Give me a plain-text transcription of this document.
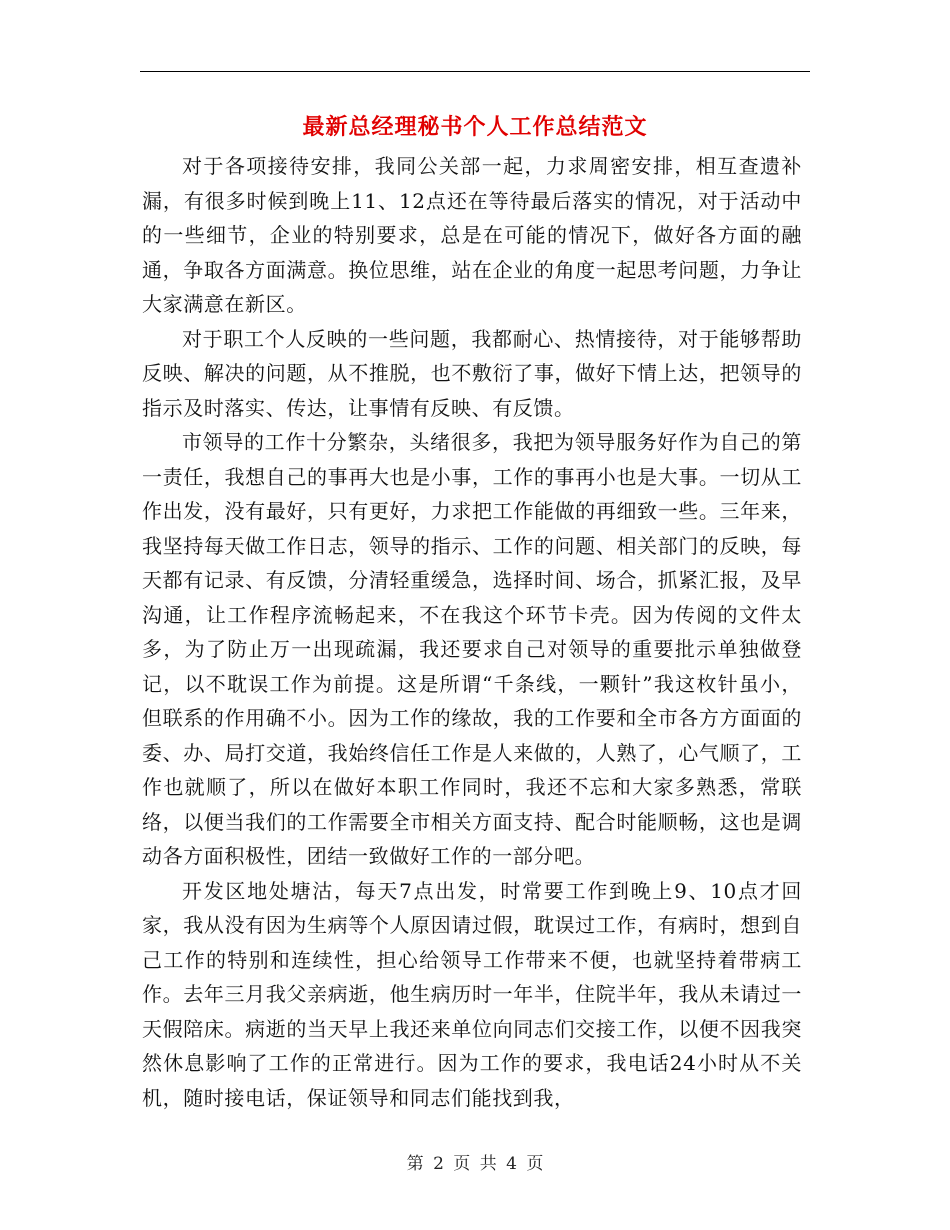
最新总经理秘书个人工作总结范文

对于各项接待安排，我同公关部一起，力求周密安排，相互查遗补漏，有很多时候到晚上11、12点还在等待最后落实的情况，对于活动中的一些细节，企业的特别要求，总是在可能的情况下，做好各方面的融通，争取各方面满意。换位思维，站在企业的角度一起思考问题，力争让大家满意在新区。

对于职工个人反映的一些问题，我都耐心、热情接待，对于能够帮助反映、解决的问题，从不推脱，也不敷衍了事，做好下情上达，把领导的指示及时落实、传达，让事情有反映、有反馈。

市领导的工作十分繁杂，头绪很多，我把为领导服务好作为自己的第一责任，我想自己的事再大也是小事，工作的事再小也是大事。一切从工作出发，没有最好，只有更好，力求把工作能做的再细致一些。三年来，我坚持每天做工作日志，领导的指示、工作的问题、相关部门的反映，每天都有记录、有反馈，分清轻重缓急，选择时间、场合，抓紧汇报，及早沟通，让工作程序流畅起来，不在我这个环节卡壳。因为传阅的文件太多，为了防止万一出现疏漏，我还要求自己对领导的重要批示单独做登记，以不耽误工作为前提。这是所谓“千条线，一颗针”我这枚针虽小，但联系的作用确不小。因为工作的缘故，我的工作要和全市各方方面面的委、办、局打交道，我始终信任工作是人来做的，人熟了，心气顺了，工作也就顺了，所以在做好本职工作同时，我还不忘和大家多熟悉，常联络，以便当我们的工作需要全市相关方面支持、配合时能顺畅，这也是调动各方面积极性，团结一致做好工作的一部分吧。

开发区地处塘沽，每天7点出发，时常要工作到晚上9、10点才回家，我从没有因为生病等个人原因请过假，耽误过工作，有病时，想到自己工作的特别和连续性，担心给领导工作带来不便，也就坚持着带病工作。去年三月我父亲病逝，他生病历时一年半，住院半年，我从未请过一天假陪床。病逝的当天早上我还来单位向同志们交接工作，以便不因我突然休息影响了工作的正常进行。因为工作的要求，我电话24小时从不关机，随时接电话，保证领导和同志们能找到我，

第 2 页 共 4 页
